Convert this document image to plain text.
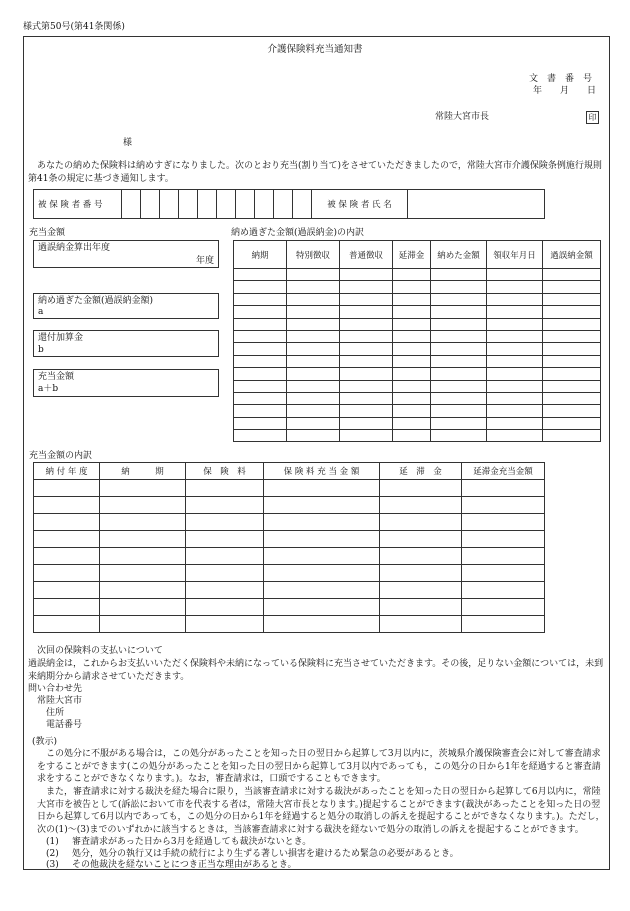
様式第50号(第41条関係)
介護保険料充当通知書
文　書　番　号
年　　月　　日
常陸大宮市長	印
様
あなたの納めた保険料は納めすぎになりました。次のとおり充当(割り当て)をさせていただきましたので，常陸大宮市介護保険条例施行規則第41条の規定に基づき通知します。
被 保 険 者 番 号											被 保 険 者 氏 名	
充当金額
過誤納金算出年度
年度
納め過ぎた金額(過誤納金額)
a
還付加算金
b
充当金額
a＋b
納め過ぎた金額(過誤納金)の内訳
納期	特別徴収	普通徴収	延滞金	納めた金額	領収年月日	過誤納金額

充当金額の内訳
納 付 年 度	納　　　期	保　険　料	保 険 料 充 当 金 額	延　滞　金	延滞金充当金額

次回の保険料の支払いについて
過誤納金は，これからお支払いいただく保険料や未納になっている保険料に充当させていただきます。その後，足りない金額については，未到来納期分から請求させていただきます。
問い合わせ先
常陸大宮市
住所
電話番号
(教示)
この処分に不服がある場合は，この処分があったことを知った日の翌日から起算して3月以内に，茨城県介護保険審査会に対して審査請求をすることができます(この処分があったことを知った日の翌日から起算して3月以内であっても，この処分の日から1年を経過すると審査請求をすることができなくなります。)。なお，審査請求は，口頭ですることもできます。
また，審査請求に対する裁決を経た場合に限り，当該審査請求に対する裁決があったことを知った日の翌日から起算して6月以内に，常陸大宮市を被告として(訴訟において市を代表する者は，常陸大宮市長となります。)提起することができます(裁決があったことを知った日の翌日から起算して6月以内であっても，この処分の日から1年を経過すると処分の取消しの訴えを提起することができなくなります。)。ただし，次の(1)～(3)までのいずれかに該当するときは，当該審査請求に対する裁決を経ないで処分の取消しの訴えを提起することができます。
(1) 審査請求があった日から3月を経過しても裁決がないとき。
(2) 処分，処分の執行又は手続の続行により生ずる著しい損害を避けるため緊急の必要があるとき。
(3) その他裁決を経ないことにつき正当な理由があるとき。
